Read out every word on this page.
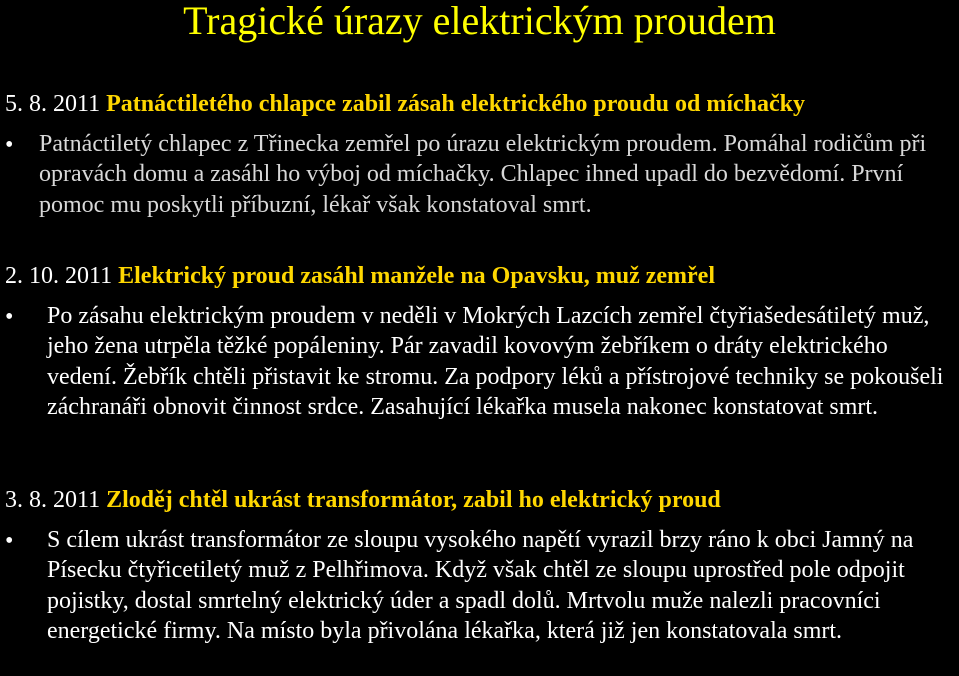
Tragické úrazy elektrickým proudem
5. 8. 2011 Patnáctiletého chlapce zabil zásah elektrického proudu od míchačky
•	Patnáctiletý chlapec z Třinecka zemřel po úrazu elektrickým proudem. Pomáhal rodičům při opravách domu a zasáhl ho výboj od míchačky. Chlapec ihned upadl do bezvědomí. První pomoc mu poskytli příbuzní, lékař však konstatoval smrt.
2. 10. 2011 Elektrický proud zasáhl manžele na Opavsku, muž zemřel
•	Po zásahu elektrickým proudem v neděli v Mokrých Lazcích zemřel čtyřiašedesátiletý muž, jeho žena utrpěla těžké popáleniny. Pár zavadil kovovým žebříkem o dráty elektrického vedení. Žebřík chtěli přistavit ke stromu. Za podpory léků a přístrojové techniky se pokoušeli záchranáři obnovit činnost srdce. Zasahující lékařka musela nakonec konstatovat smrt.
3. 8. 2011 Zloděj chtěl ukrást transformátor, zabil ho elektrický proud
•	S cílem ukrást transformátor ze sloupu vysokého napětí vyrazil brzy ráno k obci Jamný na Písecku čtyřicetiletý muž z Pelhřimova. Když však chtěl ze sloupu uprostřed pole odpojit pojistky, dostal smrtelný elektrický úder a spadl dolů. Mrtvolu muže nalezli pracovníci energetické firmy. Na místo byla přivolána lékařka, která již jen konstatovala smrt.
